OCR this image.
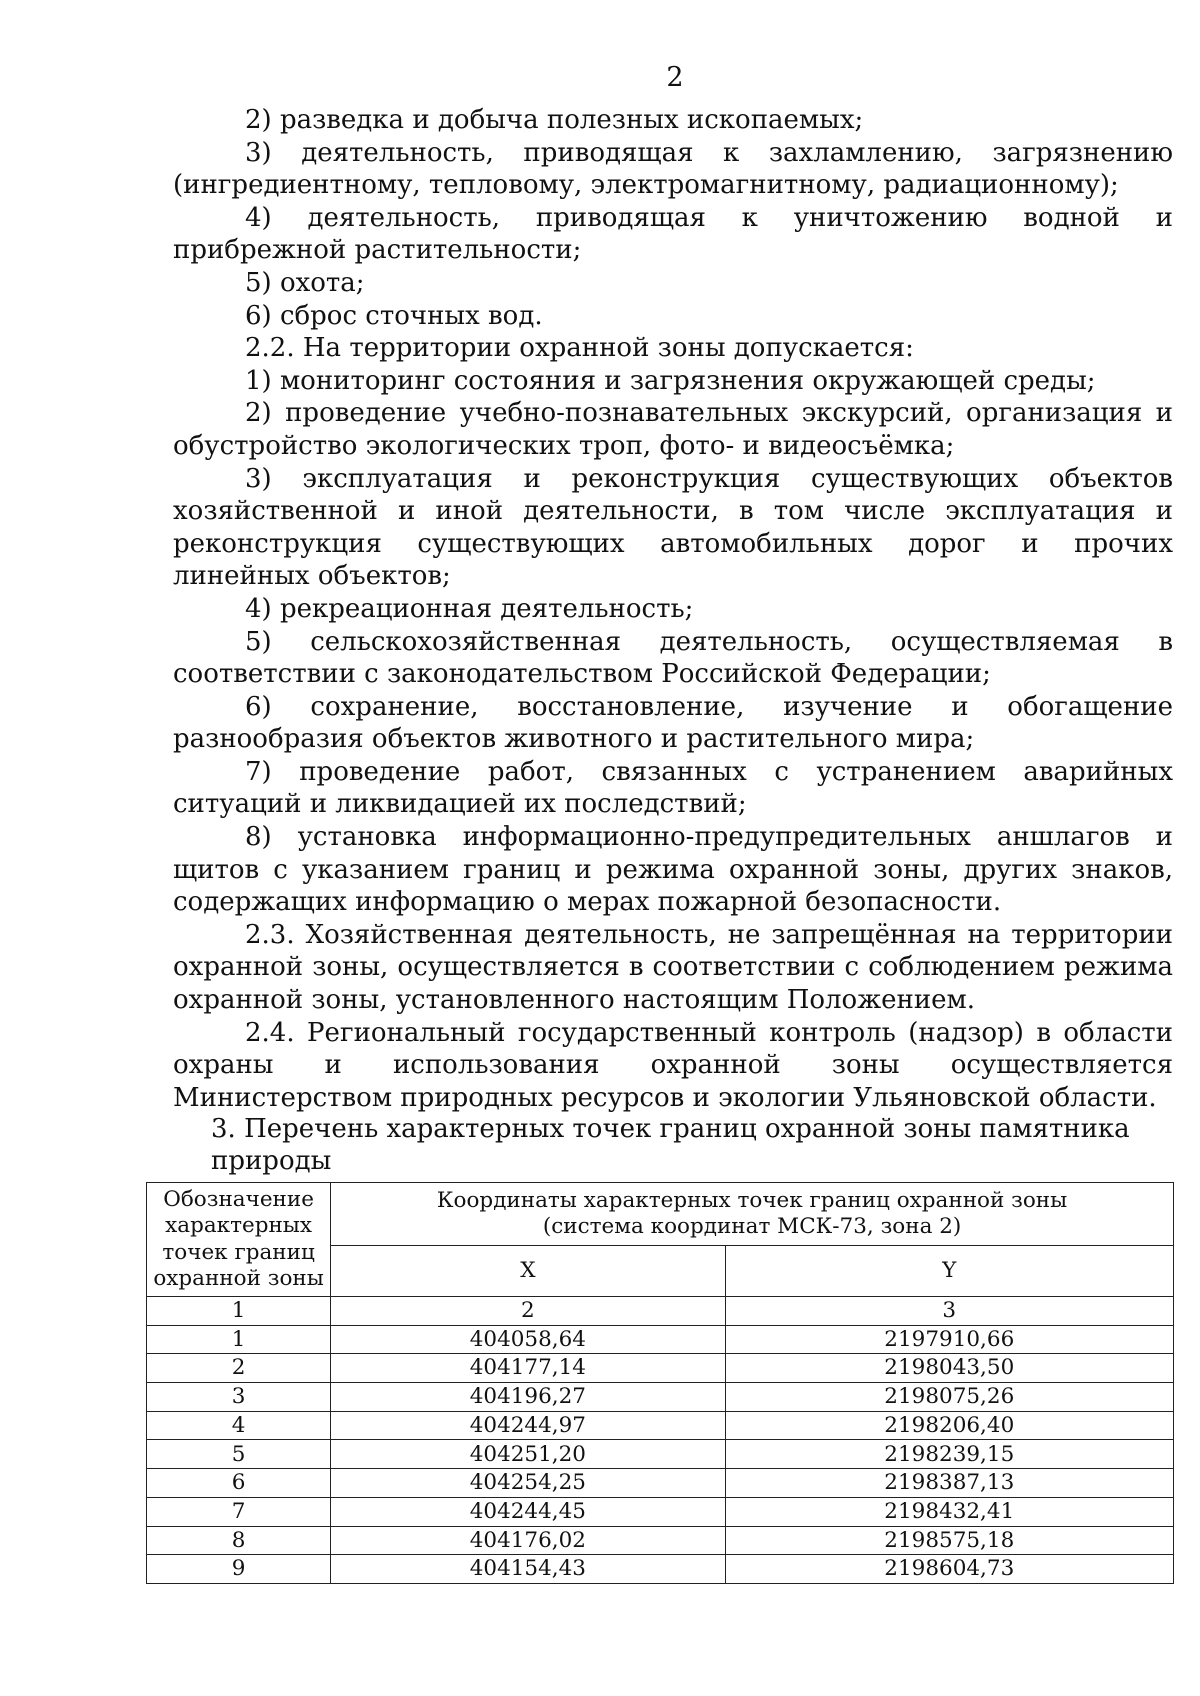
2

2) разведка и добыча полезных ископаемых;

3) деятельность, приводящая к захламлению, загрязнению (ингредиентному, тепловому, электромагнитному, радиационному);

4) деятельность, приводящая к уничтожению водной и прибрежной растительности;

5) охота;

6) сброс сточных вод.

2.2. На территории охранной зоны допускается:

1) мониторинг состояния и загрязнения окружающей среды;

2) проведение учебно-познавательных экскурсий, организация и обустройство экологических троп, фото- и видеосъёмка;

3) эксплуатация и реконструкция существующих объектов хозяйственной и иной деятельности, в том числе эксплуатация и реконструкция существующих автомобильных дорог и прочих линейных объектов;

4) рекреационная деятельность;

5) сельскохозяйственная деятельность, осуществляемая в соответствии с законодательством Российской Федерации;

6) сохранение, восстановление, изучение и обогащение разнообразия объектов животного и растительного мира;

7) проведение работ, связанных с устранением аварийных ситуаций и ликвидацией их последствий;

8) установка информационно-предупредительных аншлагов и щитов с указанием границ и режима охранной зоны, других знаков, содержащих информацию о мерах пожарной безопасности.

2.3. Хозяйственная деятельность, не запрещённая на территории охранной зоны, осуществляется в соответствии с соблюдением режима охранной зоны, установленного настоящим Положением.

2.4. Региональный государственный контроль (надзор) в области охраны и использования охранной зоны осуществляется Министерством природных ресурсов и экологии Ульяновской области.

3. Перечень характерных точек границ охранной зоны памятника природы
Обозначение характерных точек границ охранной зоны	Координаты характерных точек границ охранной зоны
(система координат МСК-73, зона 2)	

	X	Y
1	2	3
1	404058,64	2197910,66
2	404177,14	2198043,50
3	404196,27	2198075,26
4	404244,97	2198206,40
5	404251,20	2198239,15
6	404254,25	2198387,13
7	404244,45	2198432,41
8	404176,02	2198575,18
9	404154,43	2198604,73
